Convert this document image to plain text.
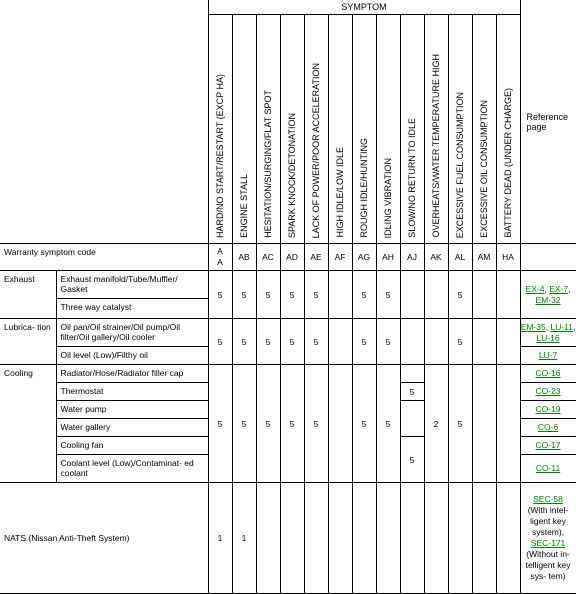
		SYMPTOM													Reference page
		HARD/NO START/RESTART (EXCP HA)	ENGINE STALL	HESITATION/SURGING/FLAT SPOT	SPARK KNOCK/DETONATION	LACK OF POWER/POOR ACCELERATION	HIGH IDLE/LOW IDLE	ROUGH IDLE/HUNTING	IDLING VIBRATION	SLOW/NO RETURN TO IDLE	OVERHEATS/WATER TEMPERATURE HIGH	EXCESSIVE FUEL CONSUMPTION	EXCESSIVE OIL CONSUMPTION	BATTERY DEAD (UNDER CHARGE)	
Warranty symptom code		A A	AB	AC	AD	AE	AF	AG	AH	AJ	AK	AL	AM	HA	
Exhaust	Exhaust manifold/Tube/Muffler/ Gasket	5	5	5	5	5		5	5			5			EX-4, EX-7, EM-32
	Three way catalyst														
Lubrica- tion	Oil pan/Oil strainer/Oil pump/Oil filter/Oil gallery/Oil cooler	5	5	5	5	5		5	5			5			EM-35, LU-11, LU-16
	Oil level (Low)/Filthy oil														LU-7
Cooling	Radiator/Hose/Radiator filler cap	5	5	5	5	5		5	5		2	5			CO-16
	Thermostat									5					CO-23
	Water pump														CO-19
	Water gallery														CO-6
	Cooling fan									5					CO-17
	Coolant level (Low)/Contaminat- ed coolant														CO-11
NATS (Nissan Anti-Theft System)		1	1												SEC-58
(With intel- ligent key system),
SEC-171
(Without in- telligent key sys- tem)
